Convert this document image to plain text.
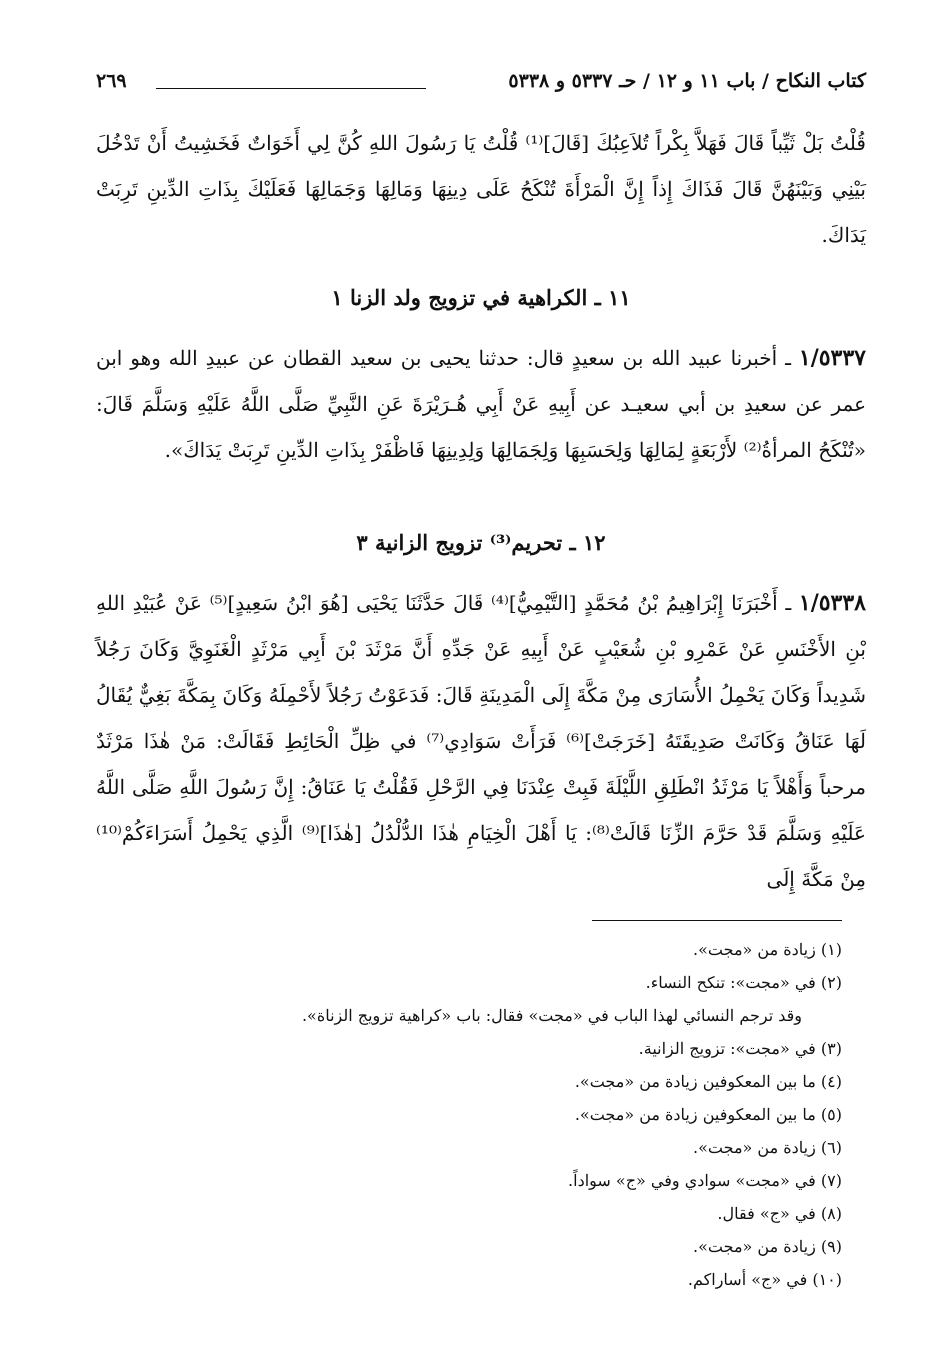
كتاب النكاح / باب ١١ و ١٢ / حـ ٥٣٣٧ و ٥٣٣٨
٢٦٩
قُلْتُ بَلْ ثَيِّباً قَالَ فَهَلاَّ بِكْراً تُلاَعِبُكَ [قَالَ]⁽¹⁾ قُلْتُ يَا رَسُولَ اللهِ كُنَّ لِي أَخَوَاتٌ فَخَشِيتُ أَنْ تَدْخُلَ بَيْنِي وَبَيْنَهُنَّ قَالَ فَذَاكَ إِذاً إِنَّ الْمَرْأَةَ تُنْكَحُ عَلَى دِينِهَا وَمَالِهَا وَجَمَالِهَا فَعَلَيْكَ بِذَاتِ الدِّينِ تَرِبَتْ يَدَاكَ.
١١ ـ الكراهية في تزويج ولد الزنا ١
١/٥٣٣٧ ـ أخبرنا عبيد الله بن سعيدٍ قال: حدثنا يحيى بن سعيد القطان عن عبيدِ الله وهو ابن عمر عن سعيدِ بن أبي سعيـد عن أَبِيهِ عَنْ أَبِي هُـرَيْرَةَ عَنِ النَّبِيِّ صَلَّى اللَّهُ عَلَيْهِ وَسَلَّمَ قَالَ: «تُنْكَحُ المرأةُ⁽²⁾ لأَرْبَعَةٍ لِمَالِهَا وَلِحَسَبِهَا وَلِجَمَالِهَا وَلِدِينِهَا فَاظْفَرْ بِذَاتِ الدِّينِ تَرِبَتْ يَدَاكَ».
١٢ ـ تحريم⁽³⁾ تزويج الزانية ٣
١/٥٣٣٨ ـ أَخْبَرَنَا إِبْرَاهِيمُ بْنُ مُحَمَّدٍ [التَّيْمِيُّ]⁽⁴⁾ قَالَ حَدَّثَنَا يَحْيَى [هُوَ ابْنُ سَعِيدٍ]⁽⁵⁾ عَنْ عُبَيْدِ اللهِ بْنِ الأَخْنَسِ عَنْ عَمْرِو بْنِ شُعَيْبٍ عَنْ أَبِيهِ عَنْ جَدِّهِ أَنَّ مَرْثَدَ بْنَ أَبِي مَرْثَدٍ الْغَنَوِيَّ وَكَانَ رَجُلاً شَدِيداً وَكَانَ يَحْمِلُ الأُسَارَى مِنْ مَكَّةَ إِلَى الْمَدِينَةِ قَالَ: فَدَعَوْتُ رَجُلاً لأَحْمِلَهُ وَكَانَ بِمَكَّةَ بَغِيٌّ يُقَالُ لَهَا عَنَاقُ وَكَانَتْ صَدِيقَتَهُ [خَرَجَتْ]⁽⁶⁾ فَرَأَتْ سَوَادِي⁽⁷⁾ في ظِلِّ الْحَائِطِ فَقَالَتْ: مَنْ هٰذَا مَرْثَدٌ مرحباً وَأَهْلاً يَا مَرْثَدُ انْطَلِقِ اللَّيْلَةَ فَبِتْ عِنْدَنَا فِي الرَّحْلِ فَقُلْتُ يَا عَنَاقُ: إِنَّ رَسُولَ اللَّهِ صَلَّى اللَّهُ عَلَيْهِ وَسَلَّمَ قَدْ حَرَّمَ الزِّنَا قَالَتْ⁽⁸⁾: يَا أَهْلَ الْخِيَامِ هٰذَا الدُّلْدُلُ [هٰذَا]⁽⁹⁾ الَّذِي يَحْمِلُ أَسَرَاءَكُمْ⁽¹⁰⁾ مِنْ مَكَّةَ إِلَى
(١) زيادة من «مجت».
(٢) في «مجت»: تنكح النساء.
وقد ترجم النسائي لهذا الباب في «مجت» فقال: باب «كراهية تزويج الزناة».
(٣) في «مجت»: تزويج الزانية.
(٤) ما بين المعكوفين زيادة من «مجت».
(٥) ما بين المعكوفين زيادة من «مجت».
(٦) زيادة من «مجت».
(٧) في «مجت» سوادي وفي «ج» سواداً.
(٨) في «ج» فقال.
(٩) زيادة من «مجت».
(١٠) في «ج» أساراكم.
